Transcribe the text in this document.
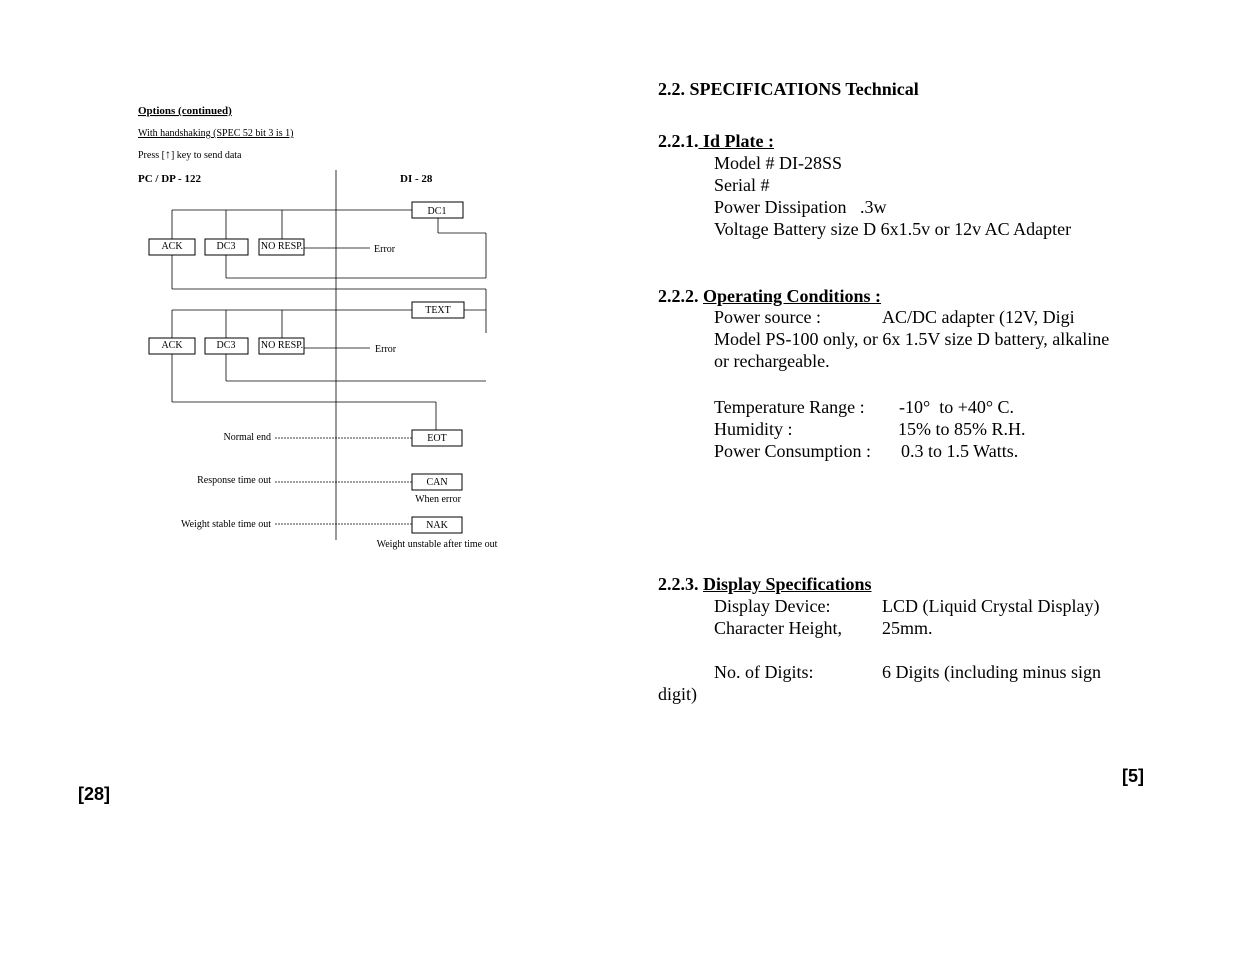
Options (continued)
With handshaking (SPEC 52 bit 3 is 1)
Press [↑] key to send data
PC / DP - 122	DI - 28
DC1
ACK	DC3	NO RESP.
TEXT
ACK	DC3	NO RESP.
EOT
CAN
NAK
Error
Error
Normal end
Response time out
When error
Weight stable time out
Weight unstable after time out
[28]
2.2. SPECIFICATIONS Technical
2.2.1. Id Plate :
Model # DI-28SS
Serial #
Power Dissipation   .3w
Voltage Battery size D 6x1.5v or 12v AC Adapter
2.2.2. Operating Conditions :
Power source :	AC/DC adapter (12V, Digi
Model PS-100 only, or 6x 1.5V size D battery, alkaline
or rechargeable.
Temperature Range : -10°  to +40° C.
Humidity :	15% to 85% R.H.
Power Consumption : 0.3 to 1.5 Watts.
2.2.3. Display Specifications
Display Device:	LCD (Liquid Crystal Display)
Character Height, 25mm.
No. of Digits:	6 Digits (including minus sign
digit)
[5]
